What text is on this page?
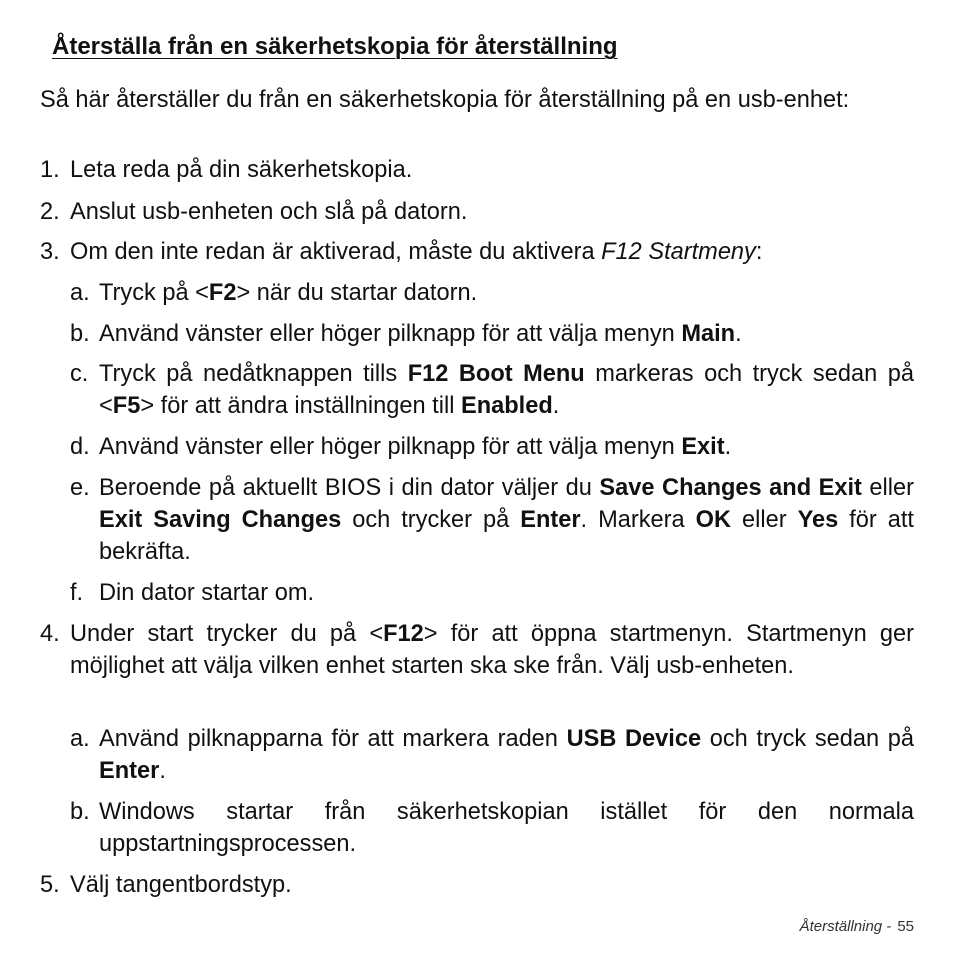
Återställa från en säkerhetskopia för återställning

Så här återställer du från en säkerhetskopia för återställning på en usb-enhet:

1. Leta reda på din säkerhetskopia.

2. Anslut usb-enheten och slå på datorn.

3. Om den inte redan är aktiverad, måste du aktivera F12 Startmeny:

a. Tryck på <F2> när du startar datorn.

b. Använd vänster eller höger pilknapp för att välja menyn Main.

c. Tryck på nedåtknappen tills F12 Boot Menu markeras och tryck sedan på <F5> för att ändra inställningen till Enabled.

d. Använd vänster eller höger pilknapp för att välja menyn Exit.

e. Beroende på aktuellt BIOS i din dator väljer du Save Changes and Exit eller Exit Saving Changes och trycker på Enter. Markera OK eller Yes för att bekräfta.

f. Din dator startar om.

4. Under start trycker du på <F12> för att öppna startmenyn. Startmenyn ger möjlighet att välja vilken enhet starten ska ske från. Välj usb-enheten.

a. Använd pilknapparna för att markera raden USB Device och tryck sedan på Enter.

b. Windows startar från säkerhetskopian istället för den normala uppstartningsprocessen.

5. Välj tangentbordstyp.

Återställning - 55
